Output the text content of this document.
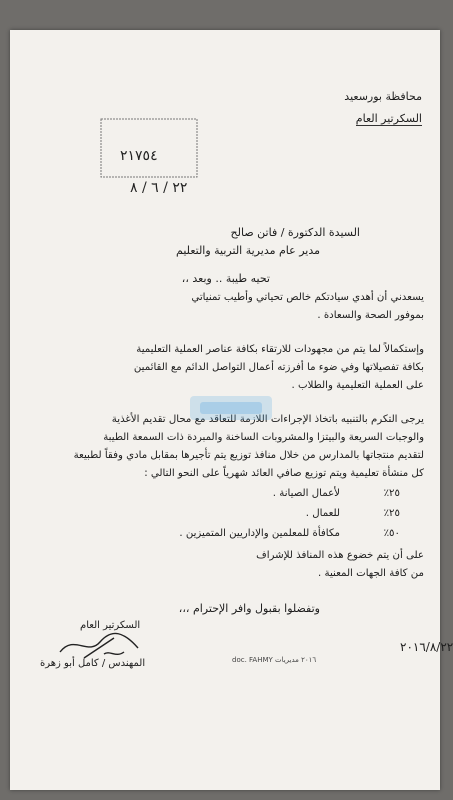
محافظة بورسعيد
السكرتير العام
٢١٧٥٤
٢٢ / ٦ / ٨
السيدة الدكتورة / فاتن صالح
مدير عام مديرية التربية والتعليم
تحيه طيبة .. وبعد ،،
يسعدني أن أهدي سيادتكم خالص تحياتي وأطيب تمنياتي
بموفور الصحة والسعادة .
وإستكمالاً لما يتم من مجهودات للارتقاء بكافة عناصر العملية التعليمية
بكافة تفصيلاتها وفي ضوء ما أفرزته أعمال التواصل الدائم مع القائمين
على العملية التعليمية والطلاب .
يرجى التكرم بالتنبيه باتخاذ الإجراءات اللازمة للتعاقد مع محال تقديم الأغذية
والوجبات السريعة والبيتزا والمشروبات الساخنة والمبردة ذات السمعة الطيبة
لتقديم منتجاتها بالمدارس من خلال منافذ توزيع يتم تأجيرها بمقابل مادي وفقاً لطبيعة
كل منشأة تعليمية ويتم توزيع صافي العائد شهرياً على النحو التالي :
٢٥٪لأعمال الصيانة .
٢٥٪للعمال .
٥٠٪مكافأة للمعلمين والإداريين المتميزين .
على أن يتم خضوع هذه المنافذ للإشراف
من كافة الجهات المعنية .
وتفضلوا بقبول وافر الإحترام ،،،
السكرتير العام
المهندس / كامل أبو زهرة
٢٠١٦/٨/٢٢
doc. FAHMY ٢٠١٦ مديريات
